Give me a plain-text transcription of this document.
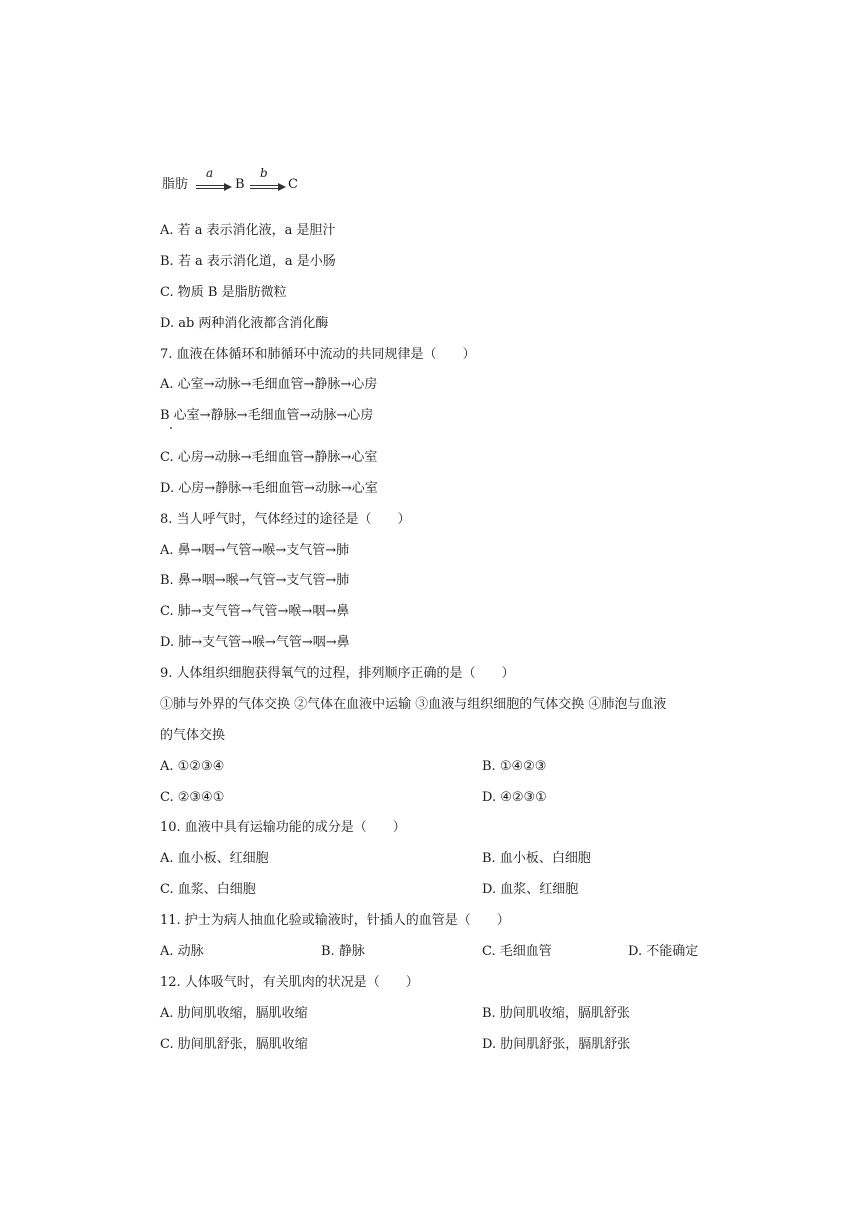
脂肪
a
B
b
C
A. 若 a 表示消化液，a 是胆汁
B. 若 a 表示消化道，a 是小肠
C. 物质 B 是脂肪微粒
D. ab 两种消化液都含消化酶
7. 血液在体循环和肺循环中流动的共同规律是（　　）
A. 心室→动脉→毛细血管→静脉→心房
B 心室→静脉→毛细血管→动脉→心房
C. 心房→动脉→毛细血管→静脉→心室
D. 心房→静脉→毛细血管→动脉→心室
8. 当人呼气时，气体经过的途径是（　　）
A. 鼻→咽→气管→喉→支气管→肺
B. 鼻→咽→喉→气管→支气管→肺
C. 肺→支气管→气管→喉→咽→鼻
D. 肺→支气管→喉→气管→咽→鼻
9. 人体组织细胞获得氧气的过程，排列顺序正确的是（　　）
①肺与外界的气体交换 ②气体在血液中运输 ③血液与组织细胞的气体交换 ④肺泡与血液
的气体交换
A. ①②③④	B. ①④②③
C. ②③④①	D. ④②③①
10. 血液中具有运输功能的成分是（　　）
A. 血小板、红细胞	B. 血小板、白细胞
C. 血浆、白细胞	D. 血浆、红细胞
11. 护士为病人抽血化验或输液时，针插人的血管是（　　）
A. 动脉	B. 静脉	C. 毛细血管	D. 不能确定
12. 人体吸气时，有关肌肉的状况是（　　）
A. 肋间肌收缩，膈肌收缩	B. 肋间肌收缩，膈肌舒张
C. 肋间肌舒张，膈肌收缩	D. 肋间肌舒张，膈肌舒张
